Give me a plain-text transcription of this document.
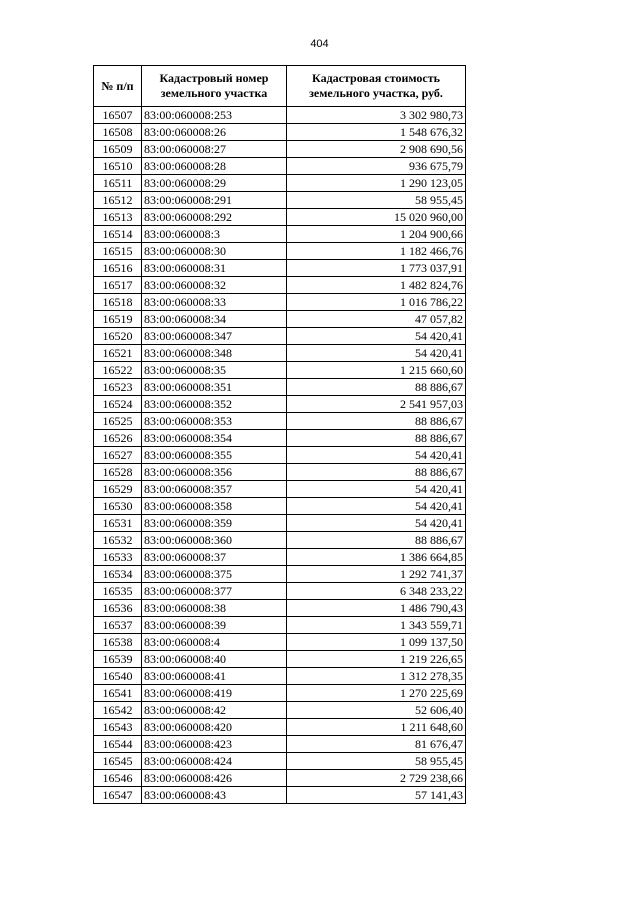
404
№ п/п	Кадастровый номер земельного участка	Кадастровая стоимость земельного участка, руб.
16507	83:00:060008:253	3 302 980,73
16508	83:00:060008:26	1 548 676,32
16509	83:00:060008:27	2 908 690,56
16510	83:00:060008:28	936 675,79
16511	83:00:060008:29	1 290 123,05
16512	83:00:060008:291	58 955,45
16513	83:00:060008:292	15 020 960,00
16514	83:00:060008:3	1 204 900,66
16515	83:00:060008:30	1 182 466,76
16516	83:00:060008:31	1 773 037,91
16517	83:00:060008:32	1 482 824,76
16518	83:00:060008:33	1 016 786,22
16519	83:00:060008:34	47 057,82
16520	83:00:060008:347	54 420,41
16521	83:00:060008:348	54 420,41
16522	83:00:060008:35	1 215 660,60
16523	83:00:060008:351	88 886,67
16524	83:00:060008:352	2 541 957,03
16525	83:00:060008:353	88 886,67
16526	83:00:060008:354	88 886,67
16527	83:00:060008:355	54 420,41
16528	83:00:060008:356	88 886,67
16529	83:00:060008:357	54 420,41
16530	83:00:060008:358	54 420,41
16531	83:00:060008:359	54 420,41
16532	83:00:060008:360	88 886,67
16533	83:00:060008:37	1 386 664,85
16534	83:00:060008:375	1 292 741,37
16535	83:00:060008:377	6 348 233,22
16536	83:00:060008:38	1 486 790,43
16537	83:00:060008:39	1 343 559,71
16538	83:00:060008:4	1 099 137,50
16539	83:00:060008:40	1 219 226,65
16540	83:00:060008:41	1 312 278,35
16541	83:00:060008:419	1 270 225,69
16542	83:00:060008:42	52 606,40
16543	83:00:060008:420	1 211 648,60
16544	83:00:060008:423	81 676,47
16545	83:00:060008:424	58 955,45
16546	83:00:060008:426	2 729 238,66
16547	83:00:060008:43	57 141,43
